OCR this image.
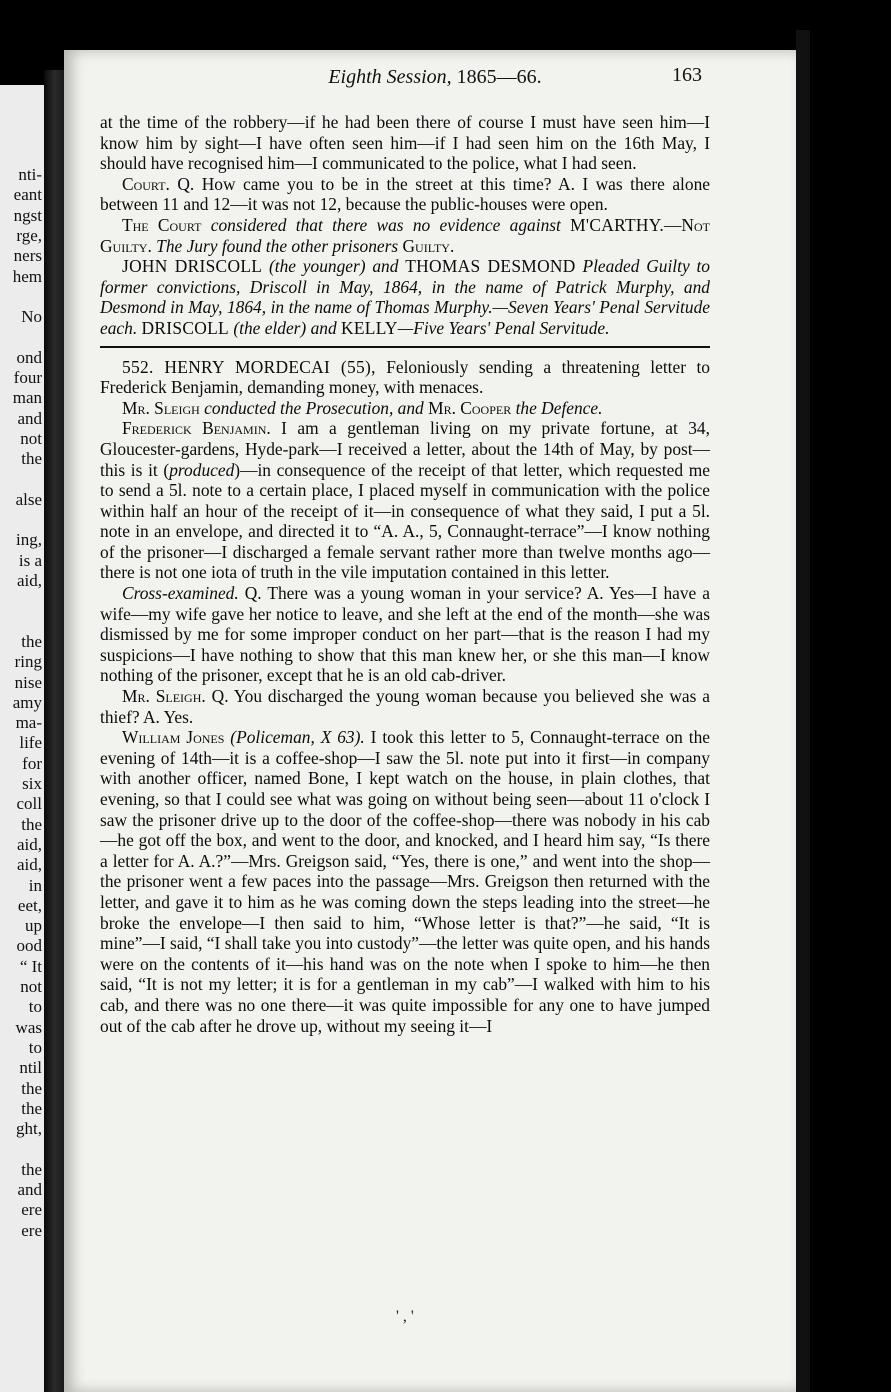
nti-
eant
ngst
rge,
ners
hem
No
ond
four
man
and
not
the
alse
ing,
is a
aid,
the
ring
nise
amy
ma-
life
for
six
coll
the
aid,
aid,
in
eet,
up
ood
“ It
not
to
was
to
ntil
the
the
ght,
the
and
ere
ere
Eighth Session, 1865—66.	163

at the time of the robbery—if he had been there of course I must have seen him—I know him by sight—I have often seen him—if I had seen him on the 16th May, I should have recognised him—I communicated to the police, what I had seen.

Court. Q. How came you to be in the street at this time? A. I was there alone between 11 and 12—it was not 12, because the public-houses were open.

The Court considered that there was no evidence against M'CARTHY.—Not Guilty. The Jury found the other prisoners Guilty.

JOHN DRISCOLL (the younger) and THOMAS DESMOND Pleaded Guilty to former convictions, Driscoll in May, 1864, in the name of Patrick Murphy, and Desmond in May, 1864, in the name of Thomas Murphy.—Seven Years' Penal Servitude each. DRISCOLL (the elder) and KELLY—Five Years' Penal Servitude.

552. HENRY MORDECAI (55), Feloniously sending a threatening letter to Frederick Benjamin, demanding money, with menaces.

Mr. Sleigh conducted the Prosecution, and Mr. Cooper the Defence.

Frederick Benjamin. I am a gentleman living on my private fortune, at 34, Gloucester-gardens, Hyde-park—I received a letter, about the 14th of May, by post—this is it (produced)—in consequence of the receipt of that letter, which requested me to send a 5l. note to a certain place, I placed myself in communication with the police within half an hour of the receipt of it—in consequence of what they said, I put a 5l. note in an envelope, and directed it to “A. A., 5, Connaught-terrace”—I know nothing of the prisoner—I discharged a female servant rather more than twelve months ago—there is not one iota of truth in the vile imputation contained in this letter.

Cross-examined. Q. There was a young woman in your service? A. Yes—I have a wife—my wife gave her notice to leave, and she left at the end of the month—she was dismissed by me for some improper conduct on her part—that is the reason I had my suspicions—I have nothing to show that this man knew her, or she this man—I know nothing of the prisoner, except that he is an old cab-driver.

Mr. Sleigh. Q. You discharged the young woman because you believed she was a thief? A. Yes.

William Jones (Policeman, X 63). I took this letter to 5, Connaught-terrace on the evening of 14th—it is a coffee-shop—I saw the 5l. note put into it first—in company with another officer, named Bone, I kept watch on the house, in plain clothes, that evening, so that I could see what was going on without being seen—about 11 o'clock I saw the prisoner drive up to the door of the coffee-shop—there was nobody in his cab—he got off the box, and went to the door, and knocked, and I heard him say, “Is there a letter for A. A.?”—Mrs. Greigson said, “Yes, there is one,” and went into the shop—the prisoner went a few paces into the passage—Mrs. Greigson then returned with the letter, and gave it to him as he was coming down the steps leading into the street—he broke the envelope—I then said to him, “Whose letter is that?”—he said, “It is mine”—I said, “I shall take you into custody”—the letter was quite open, and his hands were on the contents of it—his hand was on the note when I spoke to him—he then said, “It is not my letter; it is for a gentleman in my cab”—I walked with him to his cab, and there was no one there—it was quite impossible for any one to have jumped out of the cab after he drove up, without my seeing it—I

' , '
